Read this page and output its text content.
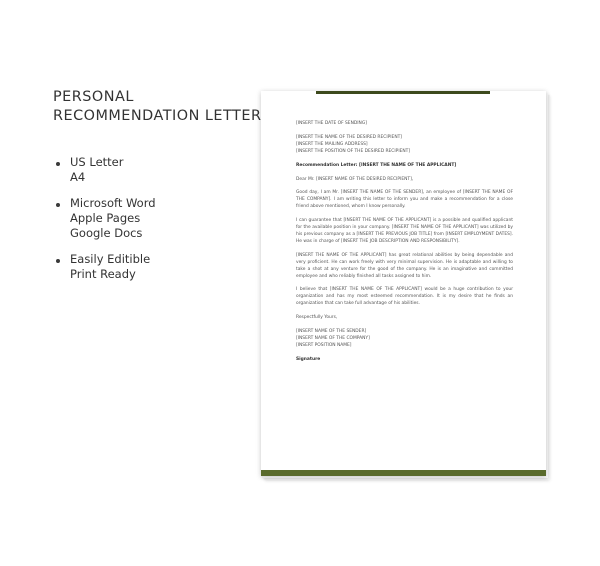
PERSONAL
RECOMMENDATION LETTER
US Letter
A4
Microsoft Word
Apple Pages
Google Docs
Easily Editible
Print Ready

[INSERT THE DATE OF SENDING]

[INSERT THE NAME OF THE DESIRED RECIPIENT]
[INSERT THE MAILING ADDRESS]
[INSERT THE POSITION OF THE DESIRED RECIPIENT]

Recommendation Letter: [INSERT THE NAME OF THE APPLICANT]

Dear Mr. [INSERT NAME OF THE DESIRED RECIPIENT],

Good day, I am Mr. [INSERT THE NAME OF THE SENDER], an employee of [INSERT THE NAME OF THE COMPANY]. I am writing this letter to inform you and make a recommendation for a close friend above mentioned, whom I know personally.

I can guarantee that [INSERT THE NAME OF THE APPLICANT] is a possible and qualified applicant for the available position in your company. [INSERT THE NAME OF THE APPLICANT] was utilized by his previous company as a [INSERT THE PREVIOUS JOB TITLE] from [INSERT EMPLOYMENT DATES]. He was in charge of [INSERT THE JOB DESCRIPTION AND RESPONSIBILITY].

[INSERT THE NAME OF THE APPLICANT] has great relational abilities by being dependable and very proficient. He can work freely with very minimal supervision. He is adaptable and willing to take a shot at any venture for the good of the company. He is an imaginative and committed employee and who reliably finished all tasks assigned to him.

I believe that [INSERT THE NAME OF THE APPLICANT] would be a huge contribution to your organization and has my most esteemed recommendation. It is my desire that he finds an organization that can take full advantage of his abilities.

Respectfully Yours,

[INSERT NAME OF THE SENDER]
[INSERT NAME OF THE COMPANY]
[INSERT POSITION NAME]

Signature
